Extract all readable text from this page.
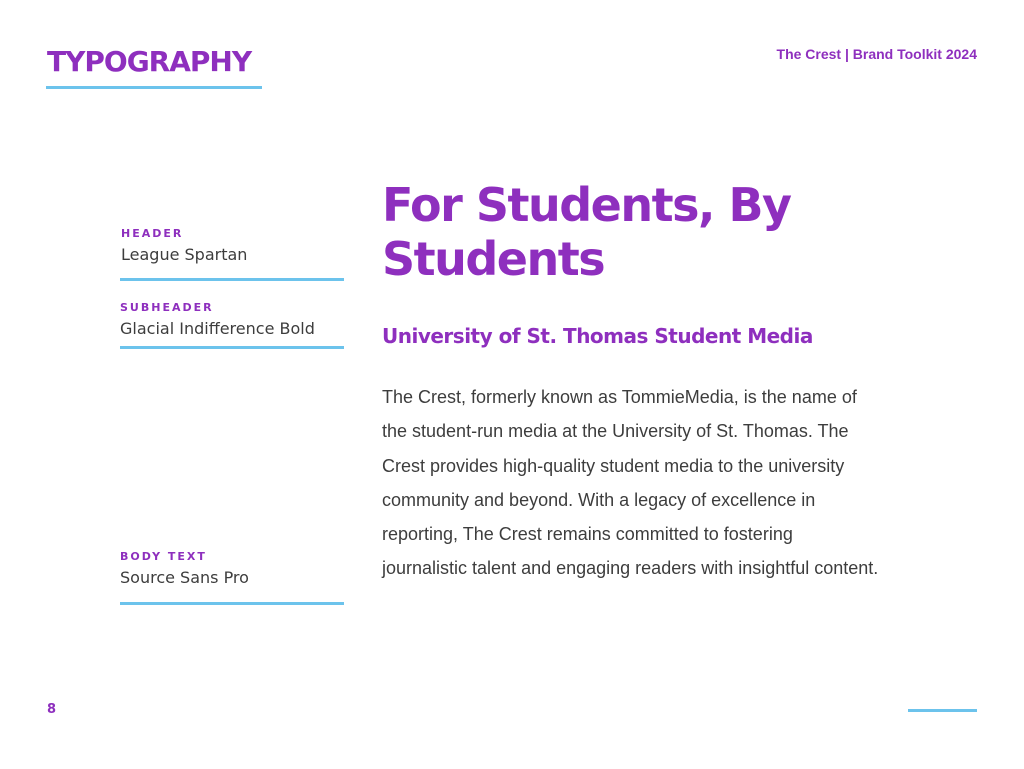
TYPOGRAPHY	The Crest | Brand Toolkit 2024
HEADER
League Spartan
SUBHEADER
Glacial Indifference Bold
BODY TEXT
Source Sans Pro
For Students, By Students
University of St. Thomas Student Media
The Crest, formerly known as TommieMedia, is the name of the student-run media at the University of St. Thomas. The Crest provides high-quality student media to the university community and beyond. With a legacy of excellence in reporting, The Crest remains committed to fostering journalistic talent and engaging readers with insightful content.
8
